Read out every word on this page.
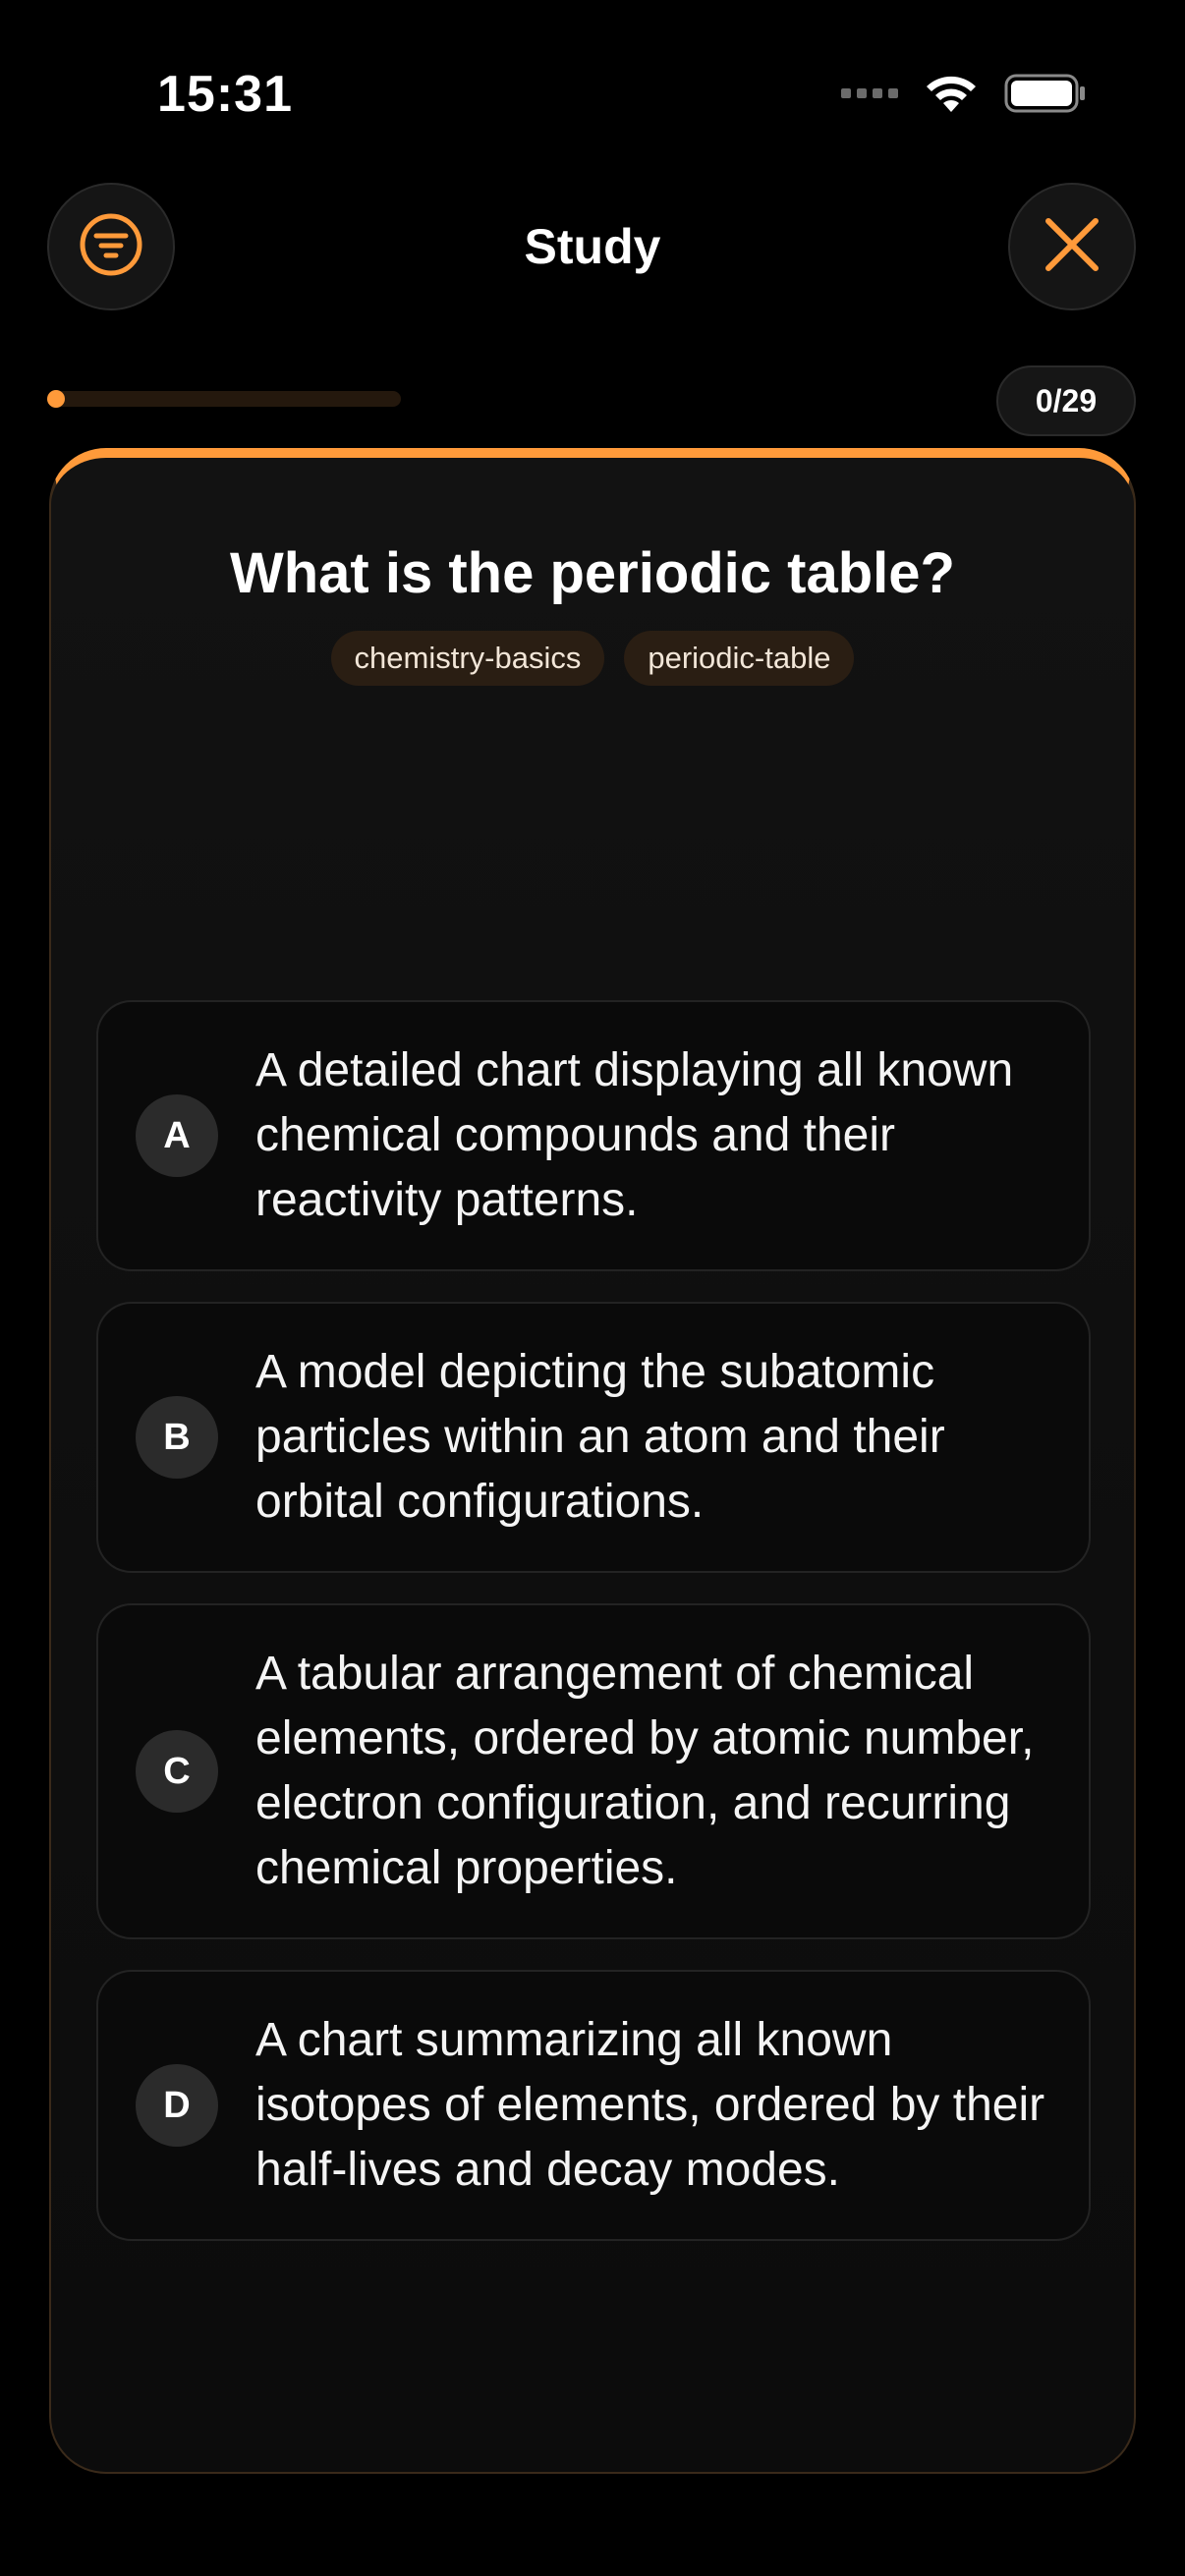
15:31
Study
0/29
What is the periodic table?
chemistry-basics	periodic-table
A
A detailed chart displaying all known chemical compounds and their reactivity patterns.
B
A model depicting the subatomic particles within an atom and their orbital configurations.
C
A tabular arrangement of chemical elements, ordered by atomic number, electron configuration, and recurring chemical properties.
D
A chart summarizing all known isotopes of elements, ordered by their half-lives and decay modes.
